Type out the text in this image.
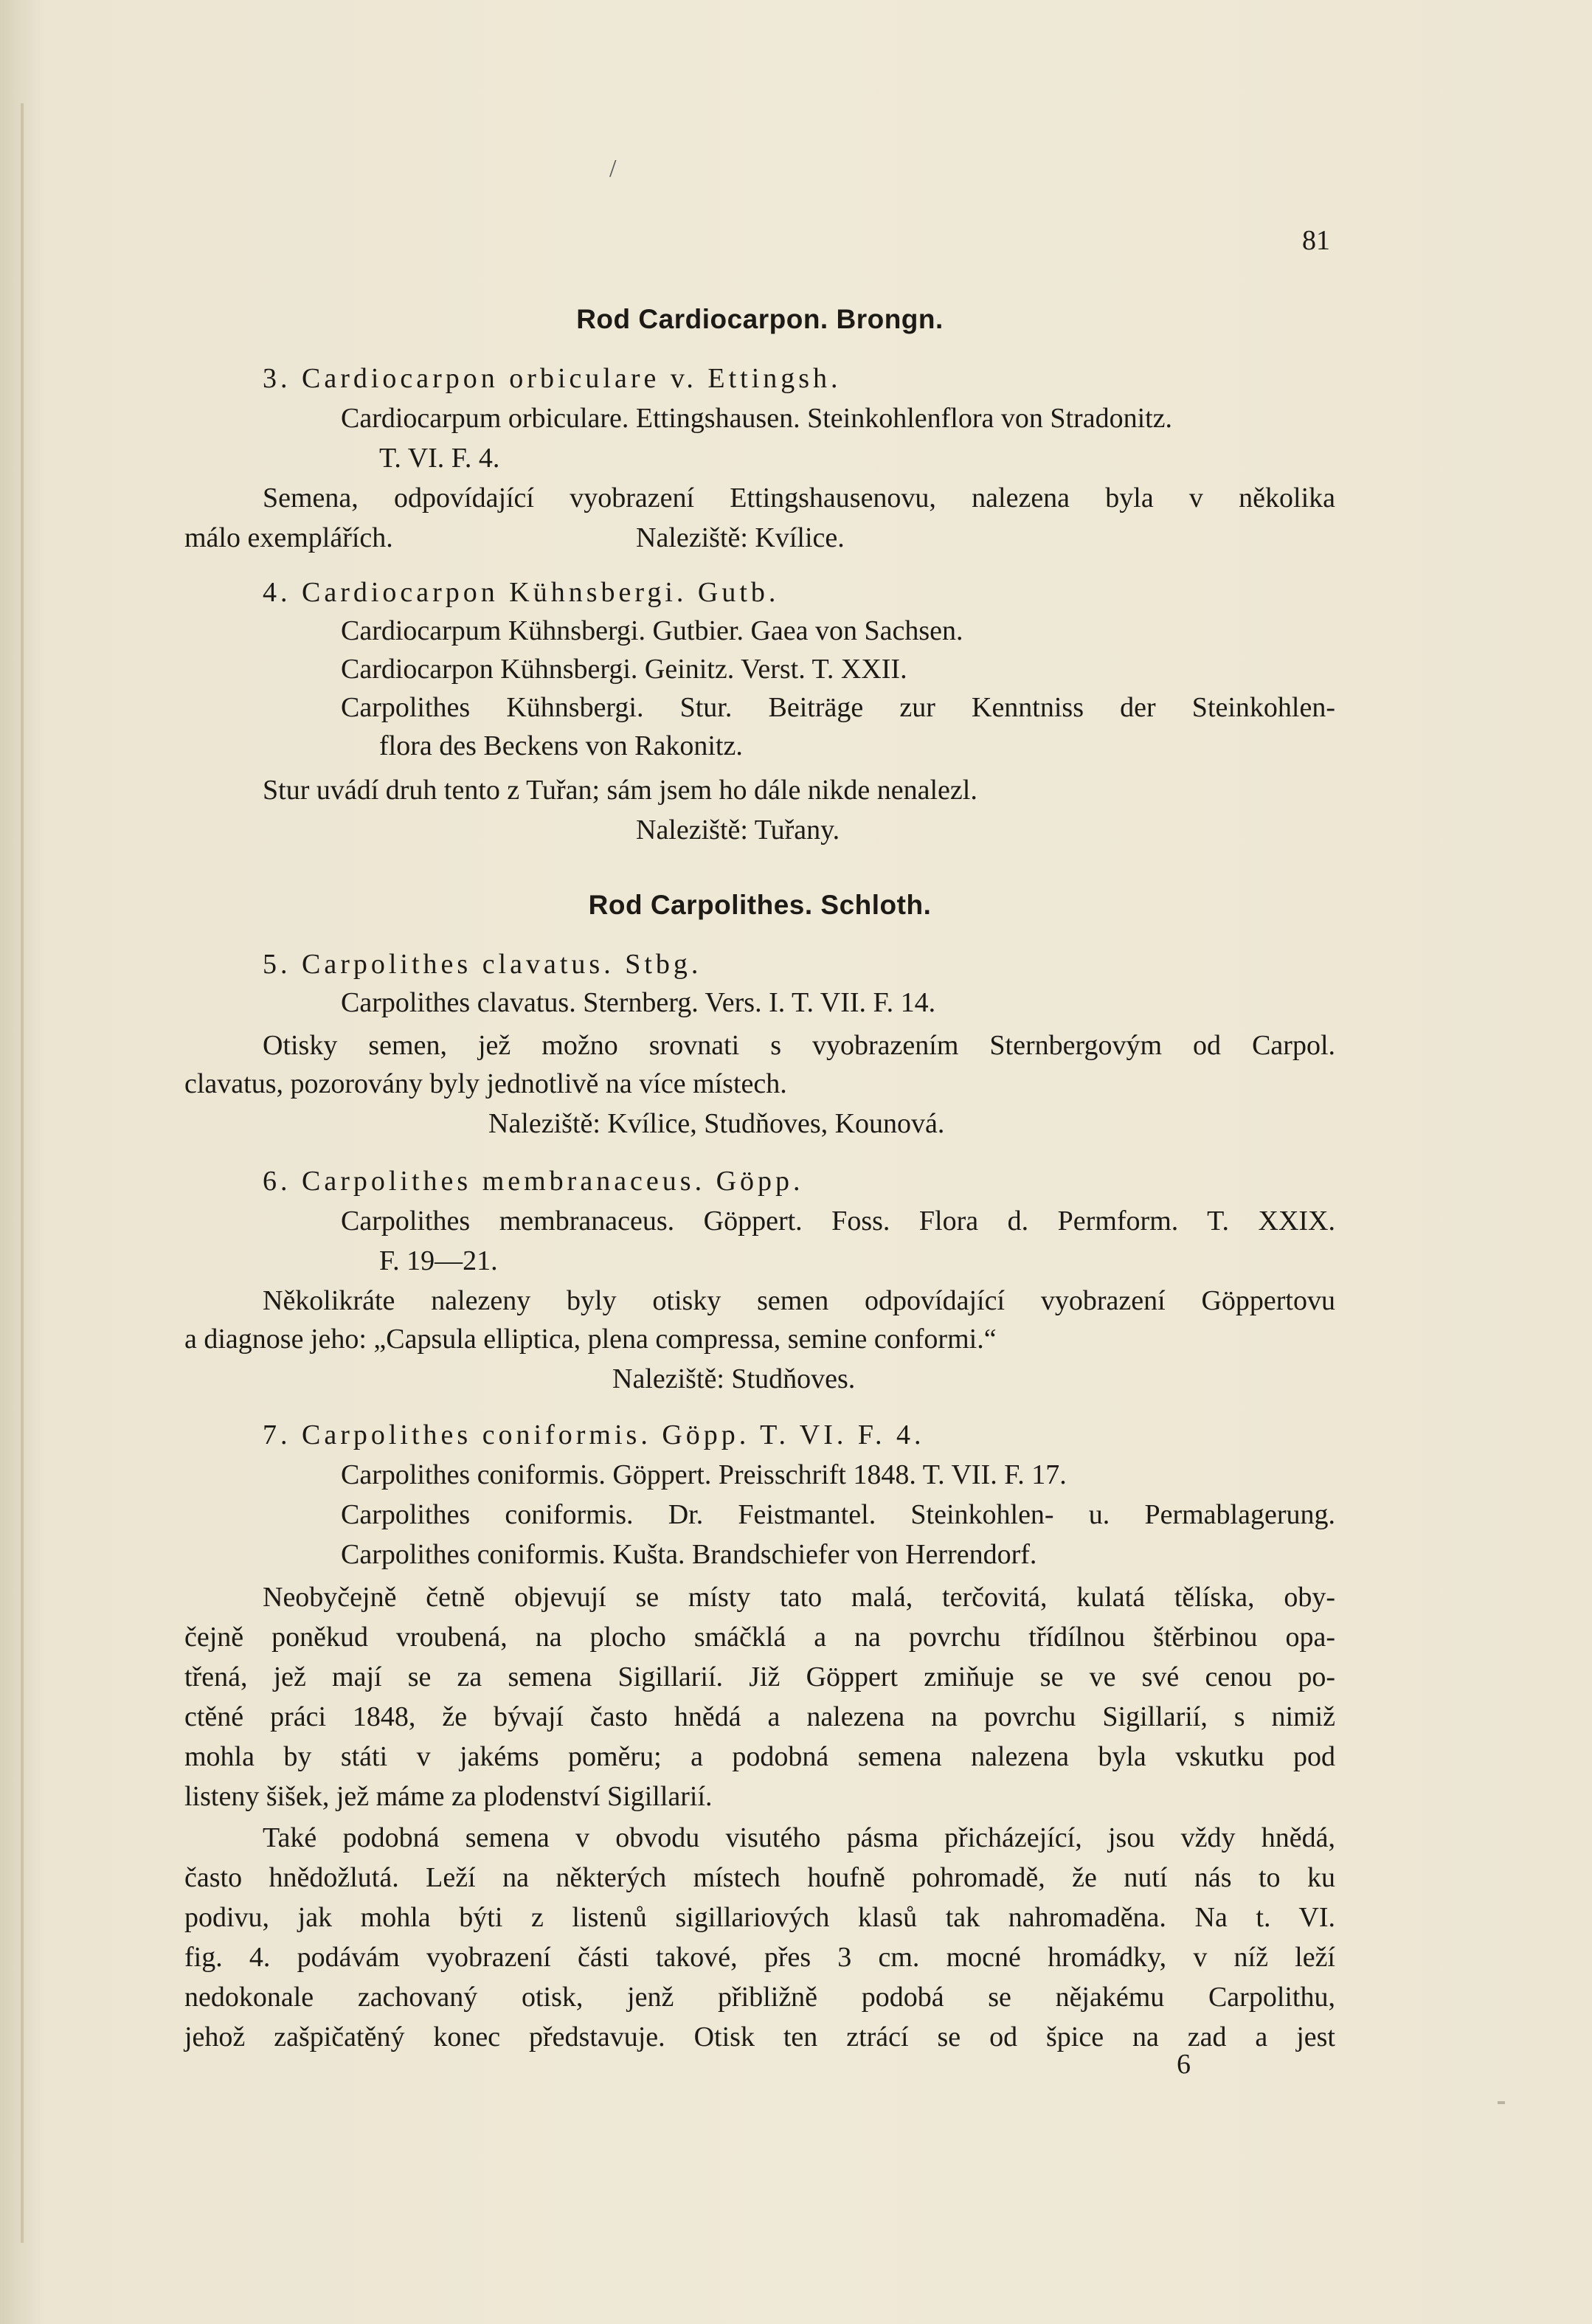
/
81
Rod Cardiocarpon. Brongn.
3. Cardiocarpon orbiculare v. Ettingsh.
Cardiocarpum orbiculare. Ettingshausen. Steinkohlenflora von Stradonitz.
T. VI. F. 4.
Semena, odpovídající vyobrazení Ettingshausenovu, nalezena byla v několika
málo exemplářích.	Naleziště: Kvílice.
4. Cardiocarpon Kühnsbergi. Gutb.
Cardiocarpum Kühnsbergi. Gutbier. Gaea von Sachsen.
Cardiocarpon Kühnsbergi. Geinitz. Verst. T. XXII.
Carpolithes Kühnsbergi. Stur. Beiträge zur Kenntniss der Steinkohlen-
flora des Beckens von Rakonitz.
Stur uvádí druh tento z Tuřan; sám jsem ho dále nikde nenalezl.
Naleziště: Tuřany.
Rod Carpolithes. Schloth.
5. Carpolithes clavatus. Stbg.
Carpolithes clavatus. Sternberg. Vers. I. T. VII. F. 14.
Otisky semen, jež možno srovnati s vyobrazením Sternbergovým od Carpol.
clavatus, pozorovány byly jednotlivě na více místech.
Naleziště: Kvílice, Studňoves, Kounová.
6. Carpolithes membranaceus. Göpp.
Carpolithes membranaceus. Göppert. Foss. Flora d. Permform. T. XXIX.
F. 19—21.
Několikráte nalezeny byly otisky semen odpovídající vyobrazení Göppertovu
a diagnose jeho: „Capsula elliptica, plena compressa, semine conformi.“
Naleziště: Studňoves.
7. Carpolithes coniformis. Göpp. T. VI. F. 4.
Carpolithes coniformis. Göppert. Preisschrift 1848. T. VII. F. 17.
Carpolithes coniformis. Dr. Feistmantel. Steinkohlen- u. Permablagerung.
Carpolithes coniformis. Kušta. Brandschiefer von Herrendorf.
Neobyčejně četně objevují se místy tato malá, terčovitá, kulatá tělíska, oby-
čejně poněkud vroubená, na plocho smáčklá a na povrchu třídílnou štěrbinou opa-
třená, jež mají se za semena Sigillarií. Již Göppert zmiňuje se ve své cenou po-
ctěné práci 1848, že bývají často hnědá a nalezena na povrchu Sigillarií, s nimiž
mohla by státi v jakéms poměru; a podobná semena nalezena byla vskutku pod
listeny šišek, jež máme za plodenství Sigillarií.
Také podobná semena v obvodu visutého pásma přicházející, jsou vždy hnědá,
často hnědožlutá. Leží na některých místech houfně pohromadě, že nutí nás to ku
podivu, jak mohla býti z listenů sigillariových klasů tak nahromaděna. Na t. VI.
fig. 4. podávám vyobrazení části takové, přes 3 cm. mocné hromádky, v níž leží
nedokonale zachovaný otisk, jenž přibližně podobá se nějakému Carpolithu,
jehož zašpičatěný konec představuje. Otisk ten ztrácí se od špice na zad a jest
6
